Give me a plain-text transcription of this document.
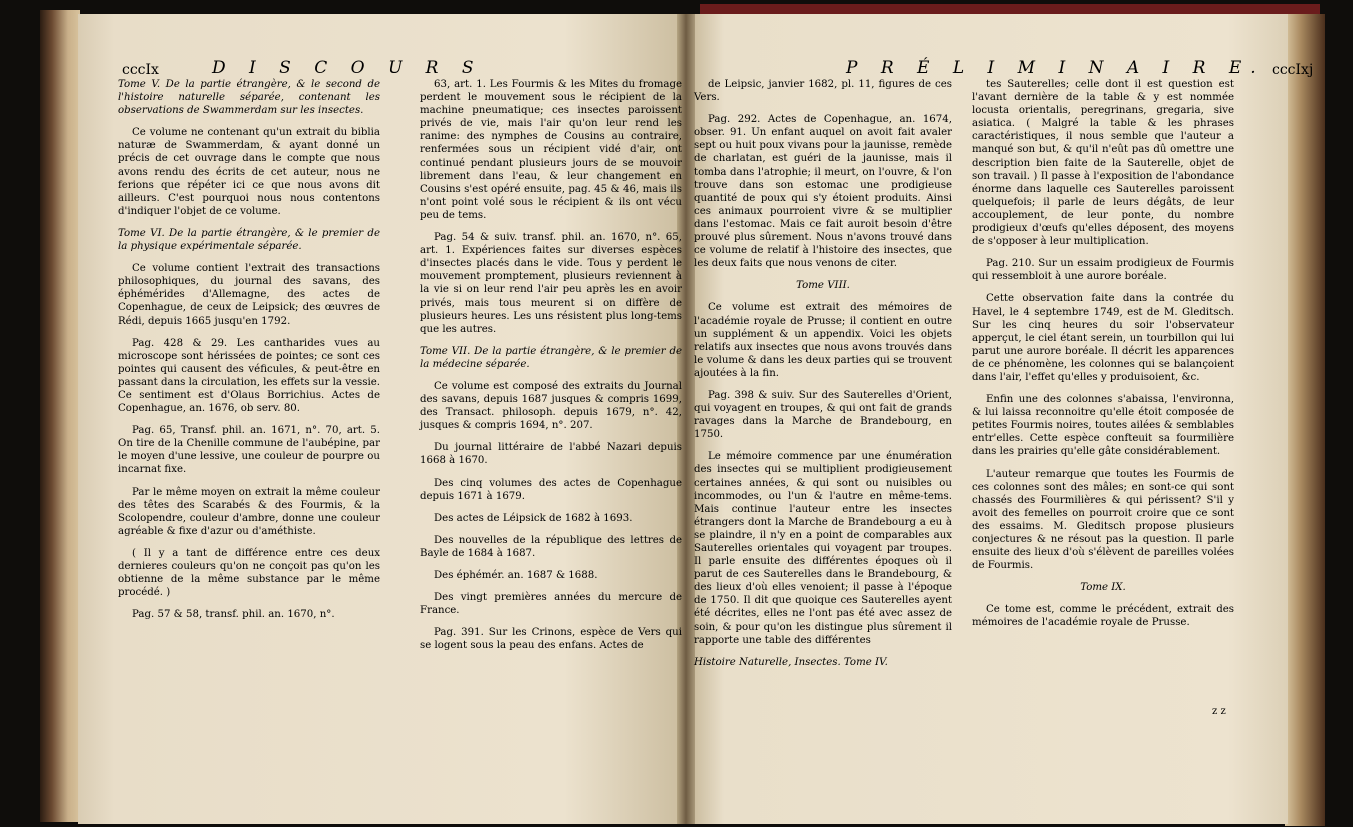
cccIx	D I S C O U R S

Tome V. De la partie étrangère, & le second de l'histoire naturelle séparée, contenant les observations de Swammerdam sur les insectes.

Ce volume ne contenant qu'un extrait du biblia naturæ de Swammerdam, & ayant donné un précis de cet ouvrage dans le compte que nous avons rendu des écrits de cet auteur, nous ne ferions que répéter ici ce que nous avons dit ailleurs. C'est pourquoi nous nous contentons d'indiquer l'objet de ce volume.

Tome VI. De la partie étrangère, & le premier de la physique expérimentale séparée.

Ce volume contient l'extrait des transactions philosophiques, du journal des savans, des éphémérides d'Allemagne, des actes de Copenhague, de ceux de Leipsick; des œuvres de Rédi, depuis 1665 jusqu'en 1792.

Pag. 428 & 29. Les cantharides vues au microscope sont hérissées de pointes; ce sont ces pointes qui causent des véficules, & peut-être en passant dans la circulation, les effets sur la vessie. Ce sentiment est d'Olaus Borrichius. Actes de Copenhague, an. 1676, ob serv. 80.

Pag. 65, Transf. phil. an. 1671, n°. 70, art. 5. On tire de la Chenille commune de l'aubépine, par le moyen d'une lessive, une couleur de pourpre ou incarnat fixe.

Par le même moyen on extrait la même couleur des têtes des Scarabés & des Fourmis, & la Scolopendre, couleur d'ambre, donne une couleur agréable & fixe d'azur ou d'améthiste.

( Il y a tant de différence entre ces deux dernieres couleurs qu'on ne conçoit pas qu'on les obtienne de la même substance par le même procédé. )

Pag. 57 & 58, transf. phil. an. 1670, n°.

63, art. 1. Les Fourmis & les Mites du fromage perdent le mouvement sous le récipient de la machine pneumatique; ces insectes paroissent privés de vie, mais l'air qu'on leur rend les ranime: des nymphes de Cousins au contraire, renfermées sous un récipient vidé d'air, ont continué pendant plusieurs jours de se mouvoir librement dans l'eau, & leur changement en Cousins s'est opéré ensuite, pag. 45 & 46, mais ils n'ont point volé sous le récipient & ils ont vécu peu de tems.

Pag. 54 & suiv. transf. phil. an. 1670, n°. 65, art. 1. Expériences faites sur diverses espèces d'insectes placés dans le vide. Tous y perdent le mouvement promptement, plusieurs reviennent à la vie si on leur rend l'air peu après les en avoir privés, mais tous meurent si on diffère de plusieurs heures. Les uns résistent plus long-tems que les autres.

Tome VII. De la partie étrangère, & le premier de la médecine séparée.

Ce volume est composé des extraits du Journal des savans, depuis 1687 jusques & compris 1699, des Transact. philosoph. depuis 1679, n°. 42, jusques & compris 1694, n°. 207.

Du journal littéraire de l'abbé Nazari depuis 1668 à 1670.

Des cinq volumes des actes de Copenhague depuis 1671 à 1679.

Des actes de Léipsick de 1682 à 1693.

Des nouvelles de la république des lettres de Bayle de 1684 à 1687.

Des éphémér. an. 1687 & 1688.

Des vingt premières années du mercure de France.

Pag. 391. Sur les Crinons, espèce de Vers qui se logent sous la peau des enfans. Actes de

P R É L I M I N A I R E. cccIxj

de Leipsic, janvier 1682, pl. 11, figures de ces Vers.

Pag. 292. Actes de Copenhague, an. 1674, obser. 91. Un enfant auquel on avoit fait avaler sept ou huit poux vivans pour la jaunisse, remède de charlatan, est guéri de la jaunisse, mais il tomba dans l'atrophie; il meurt, on l'ouvre, & l'on trouve dans son estomac une prodigieuse quantité de poux qui s'y étoient produits. Ainsi ces animaux pourroient vivre & se multiplier dans l'estomac. Mais ce fait auroit besoin d'être prouvé plus sûrement. Nous n'avons trouvé dans ce volume de relatif à l'histoire des insectes, que les deux faits que nous venons de citer.

Tome VIII.

Ce volume est extrait des mémoires de l'académie royale de Prusse; il contient en outre un supplément & un appendix. Voici les objets relatifs aux insectes que nous avons trouvés dans le volume & dans les deux parties qui se trouvent ajoutées à la fin.

Pag. 398 & suiv. Sur des Sauterelles d'Orient, qui voyagent en troupes, & qui ont fait de grands ravages dans la Marche de Brandebourg, en 1750.

Le mémoire commence par une énumération des insectes qui se multiplient prodigieusement certaines années, & qui sont ou nuisibles ou incommodes, ou l'un & l'autre en même-tems. Mais continue l'auteur entre les insectes étrangers dont la Marche de Brandebourg a eu à se plaindre, il n'y en a point de comparables aux Sauterelles orientales qui voyagent par troupes. Il parle ensuite des différentes époques où il parut de ces Sauterelles dans le Brandebourg, & des lieux d'où elles venoient; il passe à l'époque de 1750. Il dit que quoique ces Sauterelles ayent été décrites, elles ne l'ont pas été avec assez de soin, & pour qu'on les distingue plus sûrement il rapporte une table des différentes

Histoire Naturelle, Insectes. Tome IV.

tes Sauterelles; celle dont il est question est l'avant dernière de la table & y est nommée locusta orientalis, peregrinans, gregaria, sive asiatica. ( Malgré la table & les phrases caractéristiques, il nous semble que l'auteur a manqué son but, & qu'il n'eût pas dû omettre une description bien faite de la Sauterelle, objet de son travail. ) Il passe à l'exposition de l'abondance énorme dans laquelle ces Sauterelles paroissent quelquefois; il parle de leurs dégâts, de leur accouplement, de leur ponte, du nombre prodigieux d'œufs qu'elles déposent, des moyens de s'opposer à leur multiplication.

Pag. 210. Sur un essaim prodigieux de Fourmis qui ressembloit à une aurore boréale.

Cette observation faite dans la contrée du Havel, le 4 septembre 1749, est de M. Gleditsch. Sur les cinq heures du soir l'observateur apperçut, le ciel étant serein, un tourbillon qui lui parut une aurore boréale. Il décrit les apparences de ce phénomène, les colonnes qui se balançoient dans l'air, l'effet qu'elles y produisoient, &c.

Enfin une des colonnes s'abaissa, l'environna, & lui laissa reconnoitre qu'elle étoit composée de petites Fourmis noires, toutes ailées & semblables entr'elles. Cette espèce confteuit sa fourmilière dans les prairies qu'elle gâte considérablement.

L'auteur remarque que toutes les Fourmis de ces colonnes sont des mâles; en sont-ce qui sont chassés des Fourmilières & qui périssent? S'il y avoit des femelles on pourroit croire que ce sont des essaims. M. Gleditsch propose plusieurs conjectures & ne résout pas la question. Il parle ensuite des lieux d'où s'élèvent de pareilles volées de Fourmis.

Tome IX.

Ce tome est, comme le précédent, extrait des mémoires de l'académie royale de Prusse.

z z
